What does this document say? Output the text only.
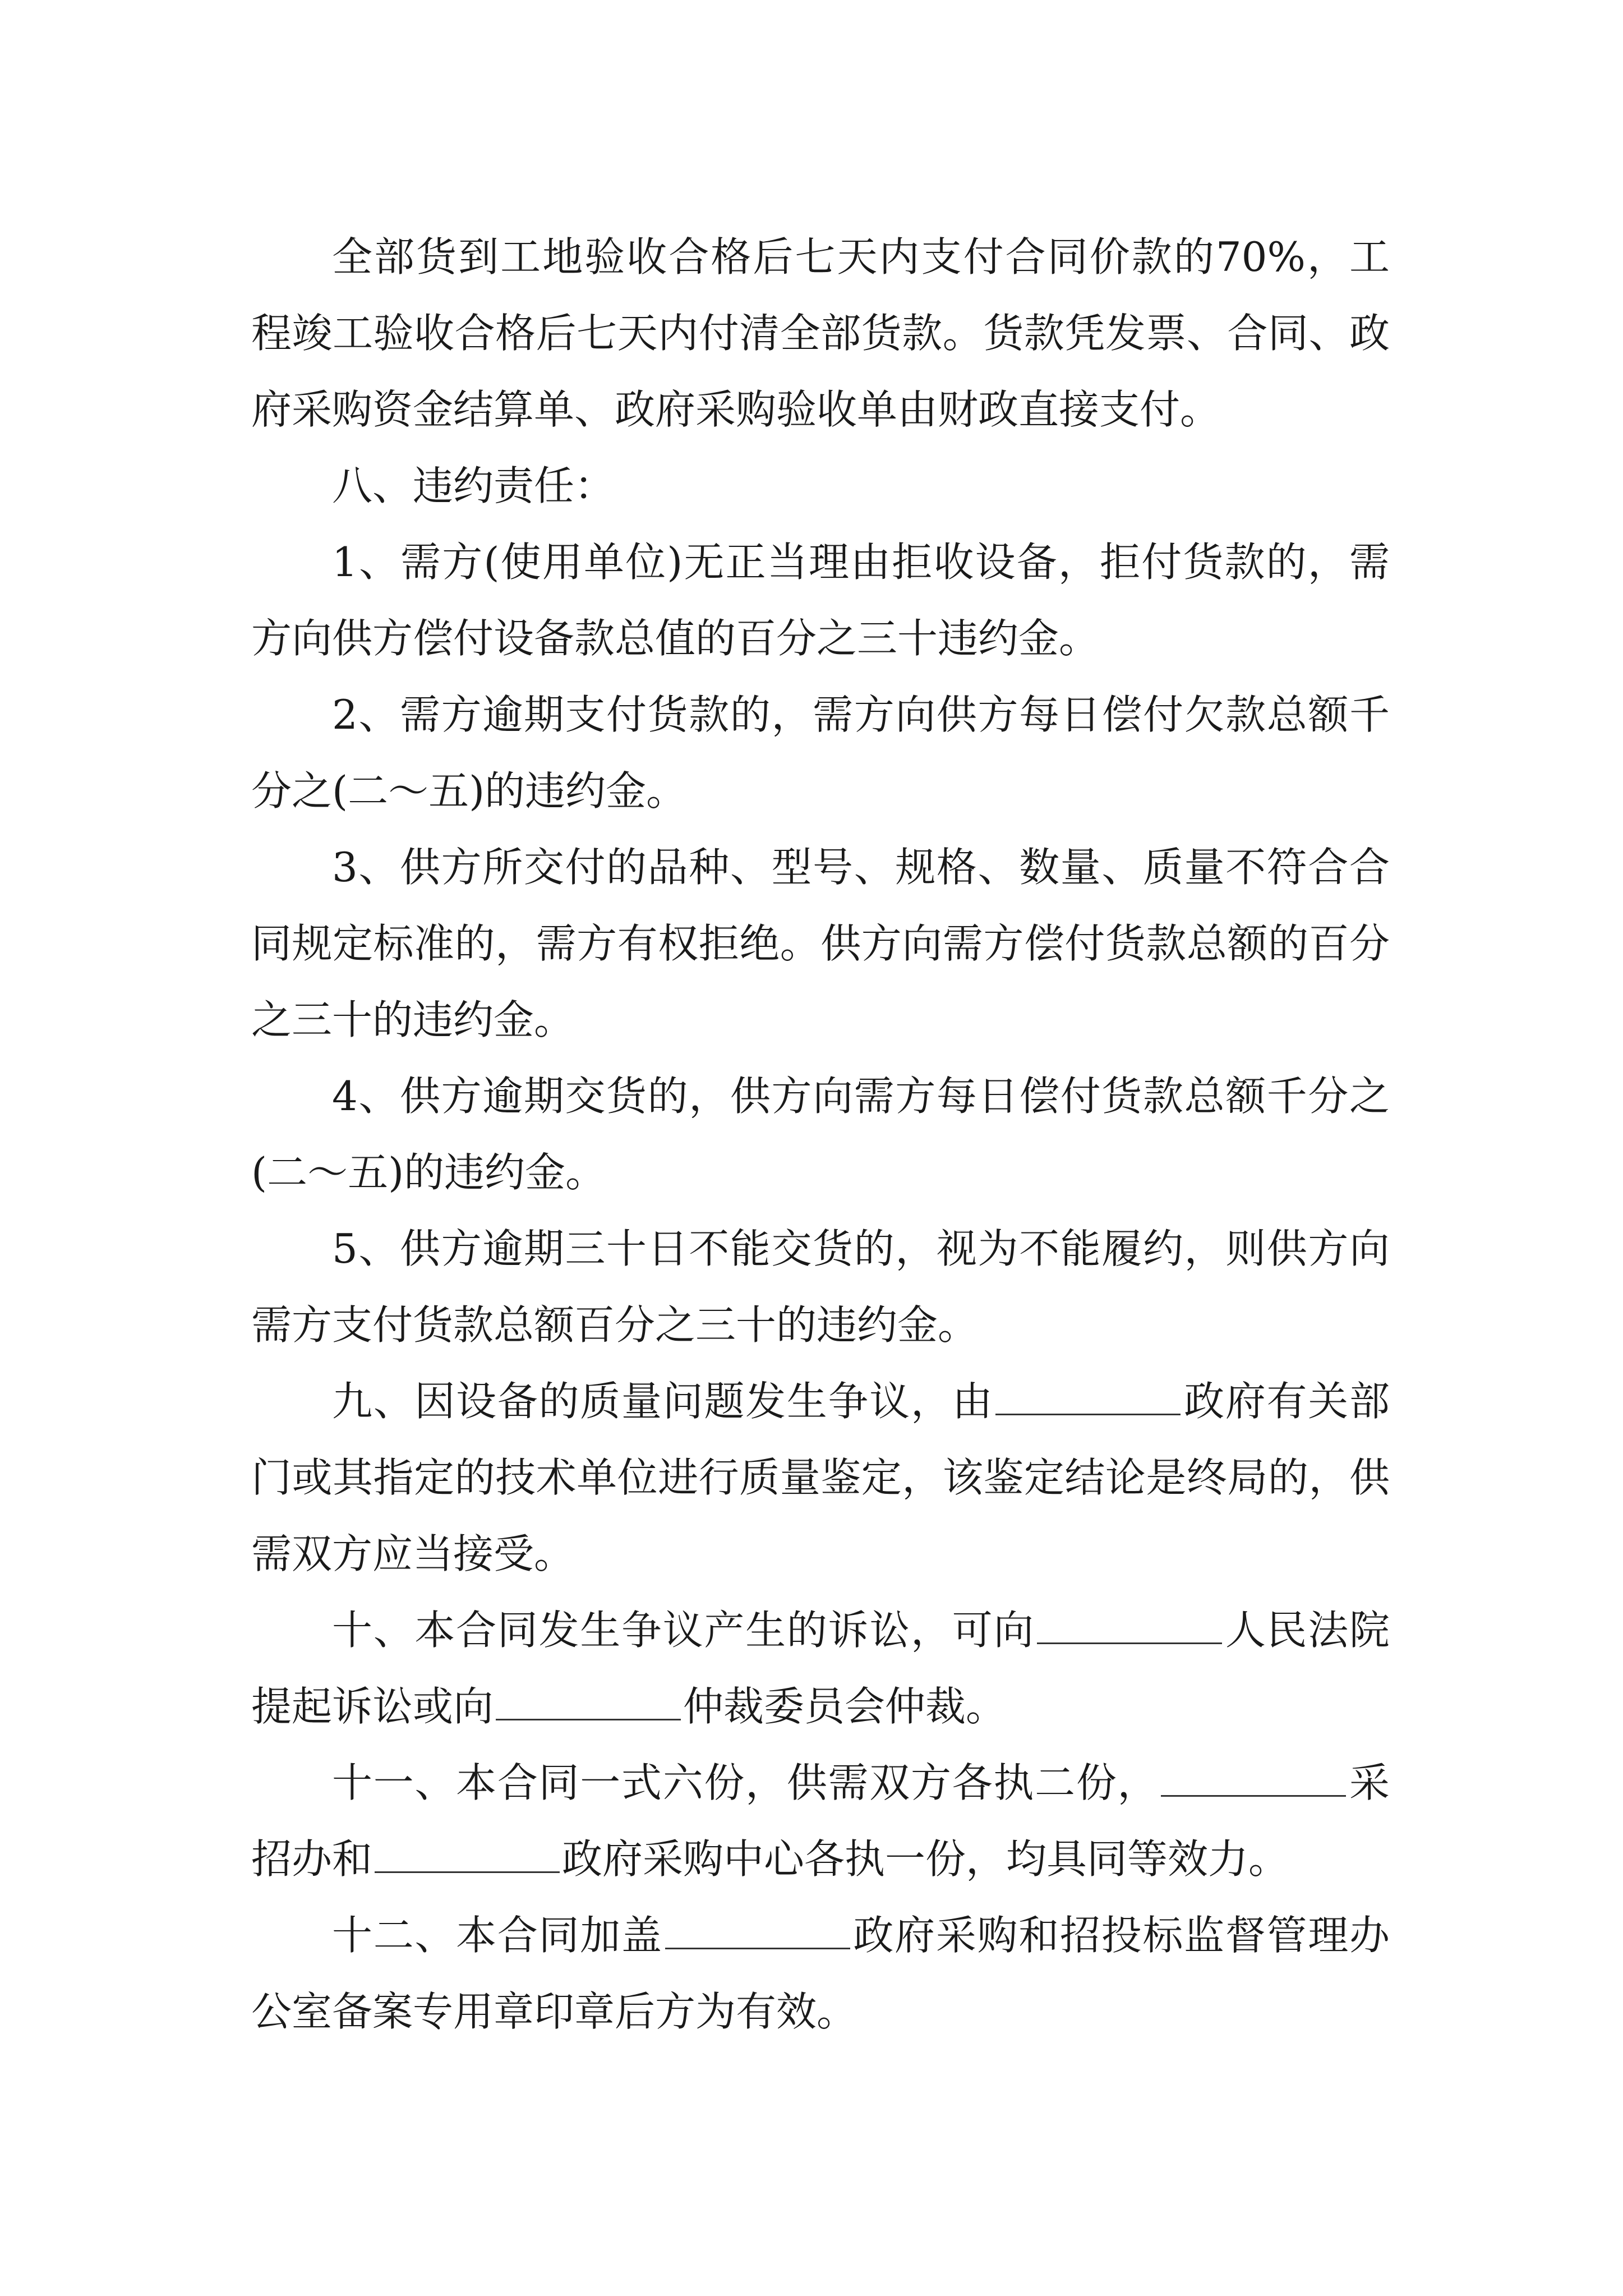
全部货到工地验收合格后七天内支付合同价款的70%，工程竣工验收合格后七天内付清全部货款。货款凭发票、合同、政府采购资金结算单、政府采购验收单由财政直接支付。

八、违约责任：

1、需方(使用单位)无正当理由拒收设备，拒付货款的，需方向供方偿付设备款总值的百分之三十违约金。

2、需方逾期支付货款的，需方向供方每日偿付欠款总额千分之(二～五)的违约金。

3、供方所交付的品种、型号、规格、数量、质量不符合合同规定标准的，需方有权拒绝。供方向需方偿付货款总额的百分之三十的违约金。

4、供方逾期交货的，供方向需方每日偿付货款总额千分之(二～五)的违约金。

5、供方逾期三十日不能交货的，视为不能履约，则供方向需方支付货款总额百分之三十的违约金。

九、因设备的质量问题发生争议，由	政府有关部门或其指定的技术单位进行质量鉴定，该鉴定结论是终局的，供需双方应当接受。

十、本合同发生争议产生的诉讼，可向	人民法院提起诉讼或向	仲裁委员会仲裁。

十一、本合同一式六份，供需双方各执二份，	采招办和	政府采购中心各执一份，均具同等效力。

十二、本合同加盖	政府采购和招投标监督管理办公室备案专用章印章后方为有效。
